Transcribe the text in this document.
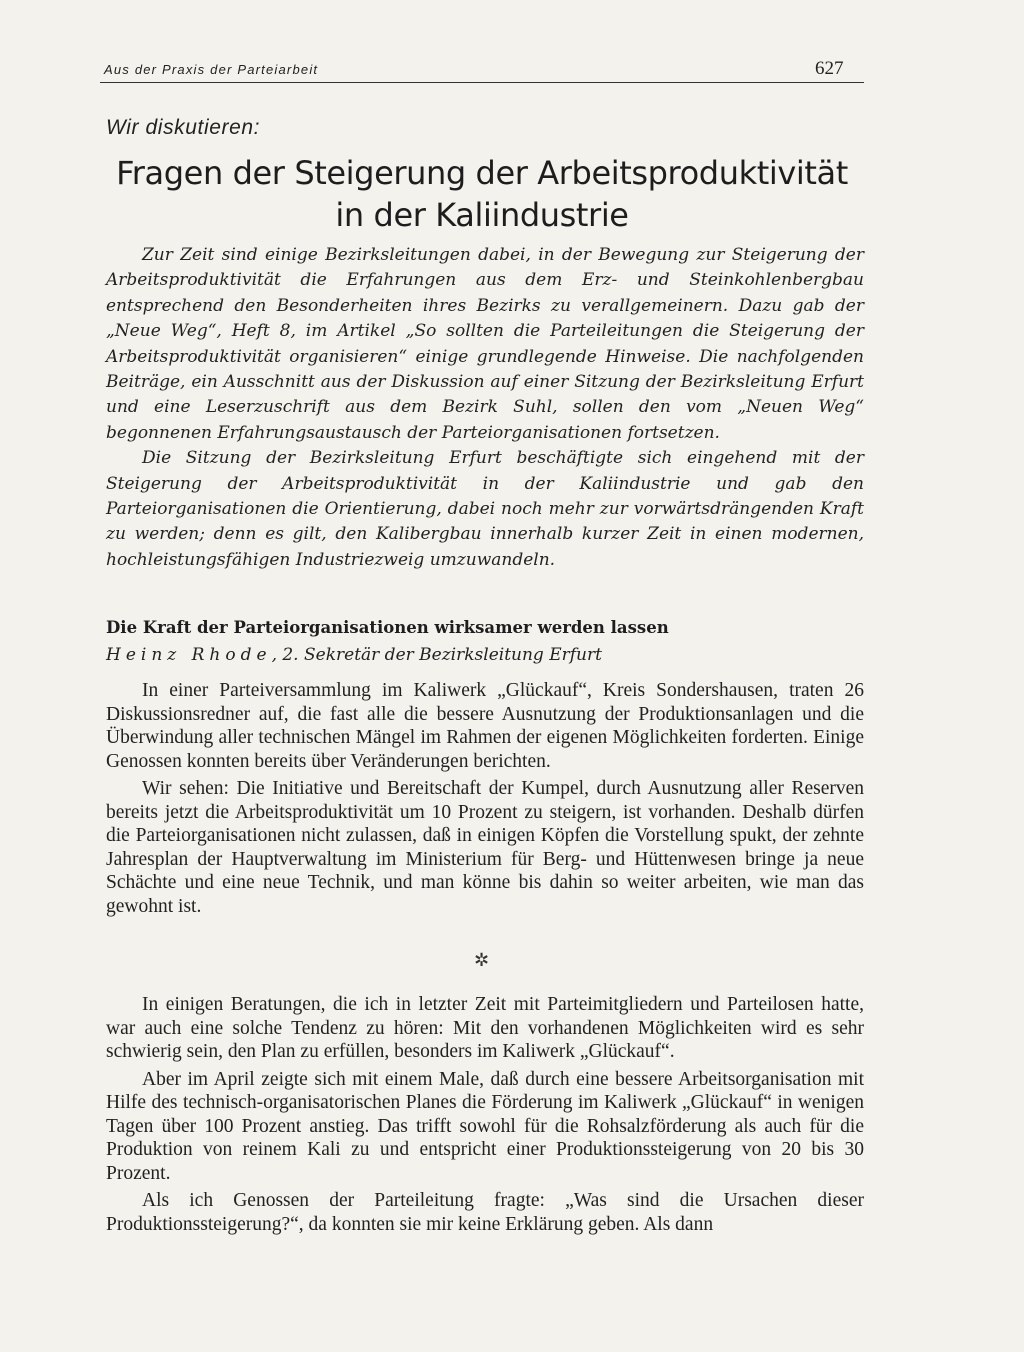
Aus der Praxis der Parteiarbeit	627
Wir diskutieren:
Fragen der Steigerung der Arbeitsproduktivität
in der Kaliindustrie

Zur Zeit sind einige Bezirksleitungen dabei, in der Bewegung zur Steigerung der Arbeitsproduktivität die Erfahrungen aus dem Erz- und Steinkohlenbergbau entsprechend den Besonderheiten ihres Bezirks zu verallgemeinern. Dazu gab der „Neue Weg“, Heft 8, im Artikel „So sollten die Parteileitungen die Steigerung der Arbeitsproduktivität organisieren“ einige grundlegende Hinweise. Die nachfolgenden Beiträge, ein Ausschnitt aus der Diskussion auf einer Sitzung der Bezirksleitung Erfurt und eine Leserzuschrift aus dem Bezirk Suhl, sollen den vom „Neuen Weg“ begonnenen Erfahrungsaustausch der Parteiorganisationen fortsetzen.

Die Sitzung der Bezirksleitung Erfurt beschäftigte sich eingehend mit der Steigerung der Arbeitsproduktivität in der Kaliindustrie und gab den Parteiorganisationen die Orientierung, dabei noch mehr zur vorwärtsdrängenden Kraft zu werden; denn es gilt, den Kalibergbau innerhalb kurzer Zeit in einen modernen, hochleistungsfähigen Industriezweig umzuwandeln.

Die Kraft der Parteiorganisationen wirksamer werden lassen
Heinz Rhode, 2. Sekretär der Bezirksleitung Erfurt

In einer Parteiversammlung im Kaliwerk „Glückauf“, Kreis Sondershausen, traten 26 Diskussionsredner auf, die fast alle die bessere Ausnutzung der Produktionsanlagen und die Überwindung aller technischen Mängel im Rahmen der eigenen Möglichkeiten forderten. Einige Genossen konnten bereits über Veränderungen berichten.

Wir sehen: Die Initiative und Bereitschaft der Kumpel, durch Ausnutzung aller Reserven bereits jetzt die Arbeitsproduktivität um 10 Prozent zu steigern, ist vorhanden. Deshalb dürfen die Parteiorganisationen nicht zulassen, daß in einigen Köpfen die Vorstellung spukt, der zehnte Jahresplan der Hauptverwaltung im Ministerium für Berg- und Hüttenwesen bringe ja neue Schächte und eine neue Technik, und man könne bis dahin so weiter arbeiten, wie man das gewohnt ist.

✲

In einigen Beratungen, die ich in letzter Zeit mit Parteimitgliedern und Parteilosen hatte, war auch eine solche Tendenz zu hören: Mit den vorhandenen Möglichkeiten wird es sehr schwierig sein, den Plan zu erfüllen, besonders im Kaliwerk „Glückauf“.

Aber im April zeigte sich mit einem Male, daß durch eine bessere Arbeitsorganisation mit Hilfe des technisch-organisatorischen Planes die Förderung im Kaliwerk „Glückauf“ in wenigen Tagen über 100 Prozent anstieg. Das trifft sowohl für die Rohsalzförderung als auch für die Produktion von reinem Kali zu und entspricht einer Produktionssteigerung von 20 bis 30 Prozent.

Als ich Genossen der Parteileitung fragte: „Was sind die Ursachen dieser Produktionssteigerung?“, da konnten sie mir keine Erklärung geben. Als dann
